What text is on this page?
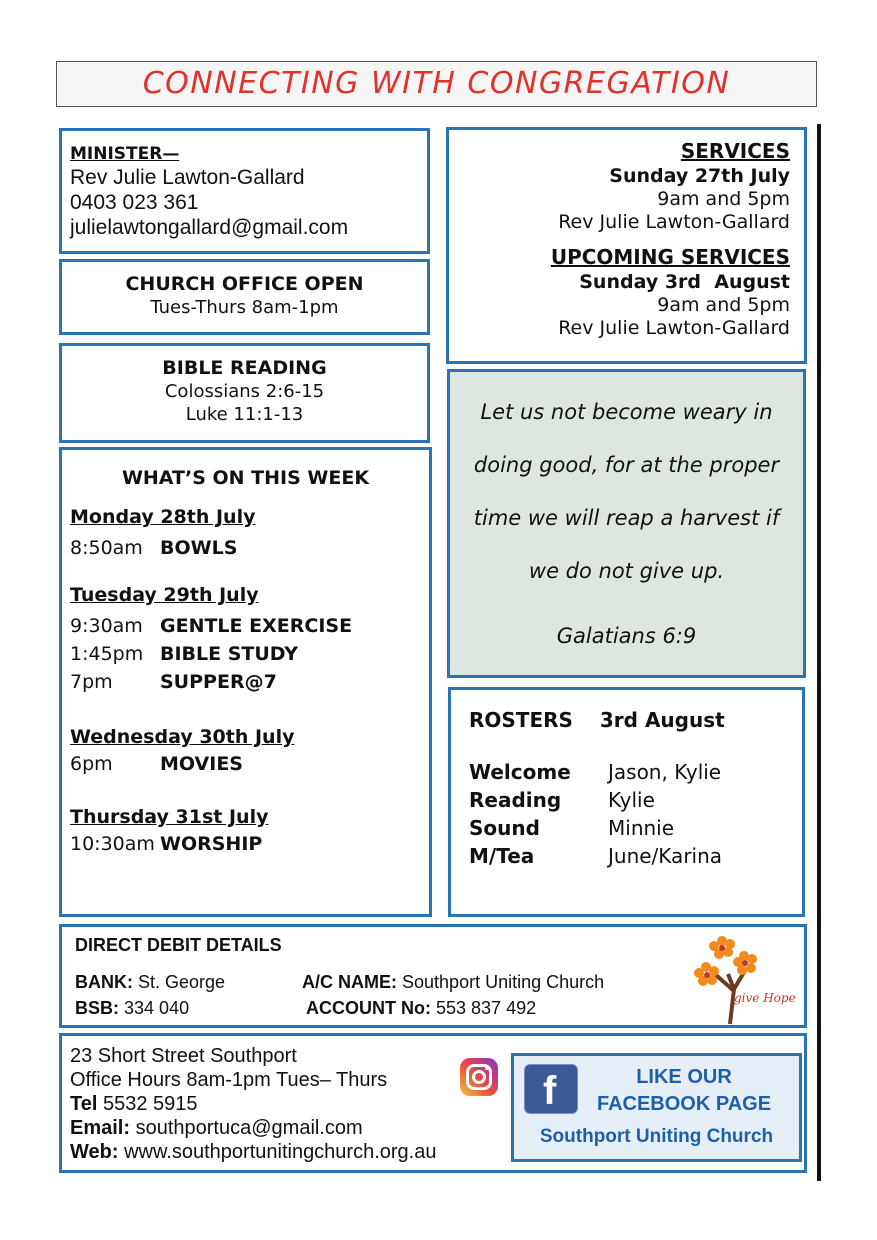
CONNECTING WITH CONGREGATION
MINISTER—
Rev Julie Lawton-Gallard
0403 023 361
julielawtongallard@gmail.com
CHURCH OFFICE OPEN
Tues-Thurs 8am-1pm
BIBLE READING
Colossians 2:6-15
Luke 11:1-13
WHAT’S ON THIS WEEK
Monday 28th July
8:50am BOWLS
Tuesday 29th July
9:30am GENTLE EXERCISE
1:45pm BIBLE STUDY
7pm	SUPPER@7
Wednesday 30th July
6pm	MOVIES
Thursday 31st July
10:30am WORSHIP
SERVICES
Sunday 27th July
9am and 5pm
Rev Julie Lawton-Gallard
UPCOMING SERVICES
Sunday 3rd  August
9am and 5pm
Rev Julie Lawton-Gallard
Let us not become weary in
doing good, for at the proper
time we will reap a harvest if
we do not give up.
Galatians 6:9
ROSTERS 3rd August
Welcome	Jason, Kylie
Reading	Kylie
Sound	Minnie
M/Tea	June/Karina
DIRECT DEBIT DETAILS
BANK: St. George	A/C NAME: Southport Uniting Church
BSB: 334 040	ACCOUNT No: 553 837 492	give Hope
23 Short Street Southport
Office Hours 8am-1pm Tues– Thurs
Tel 5532 5915
Email: southportuca@gmail.com
Web: www.southportunitingchurch.org.au
f	LIKE OUR
FACEBOOK PAGE
Southport Uniting Church
